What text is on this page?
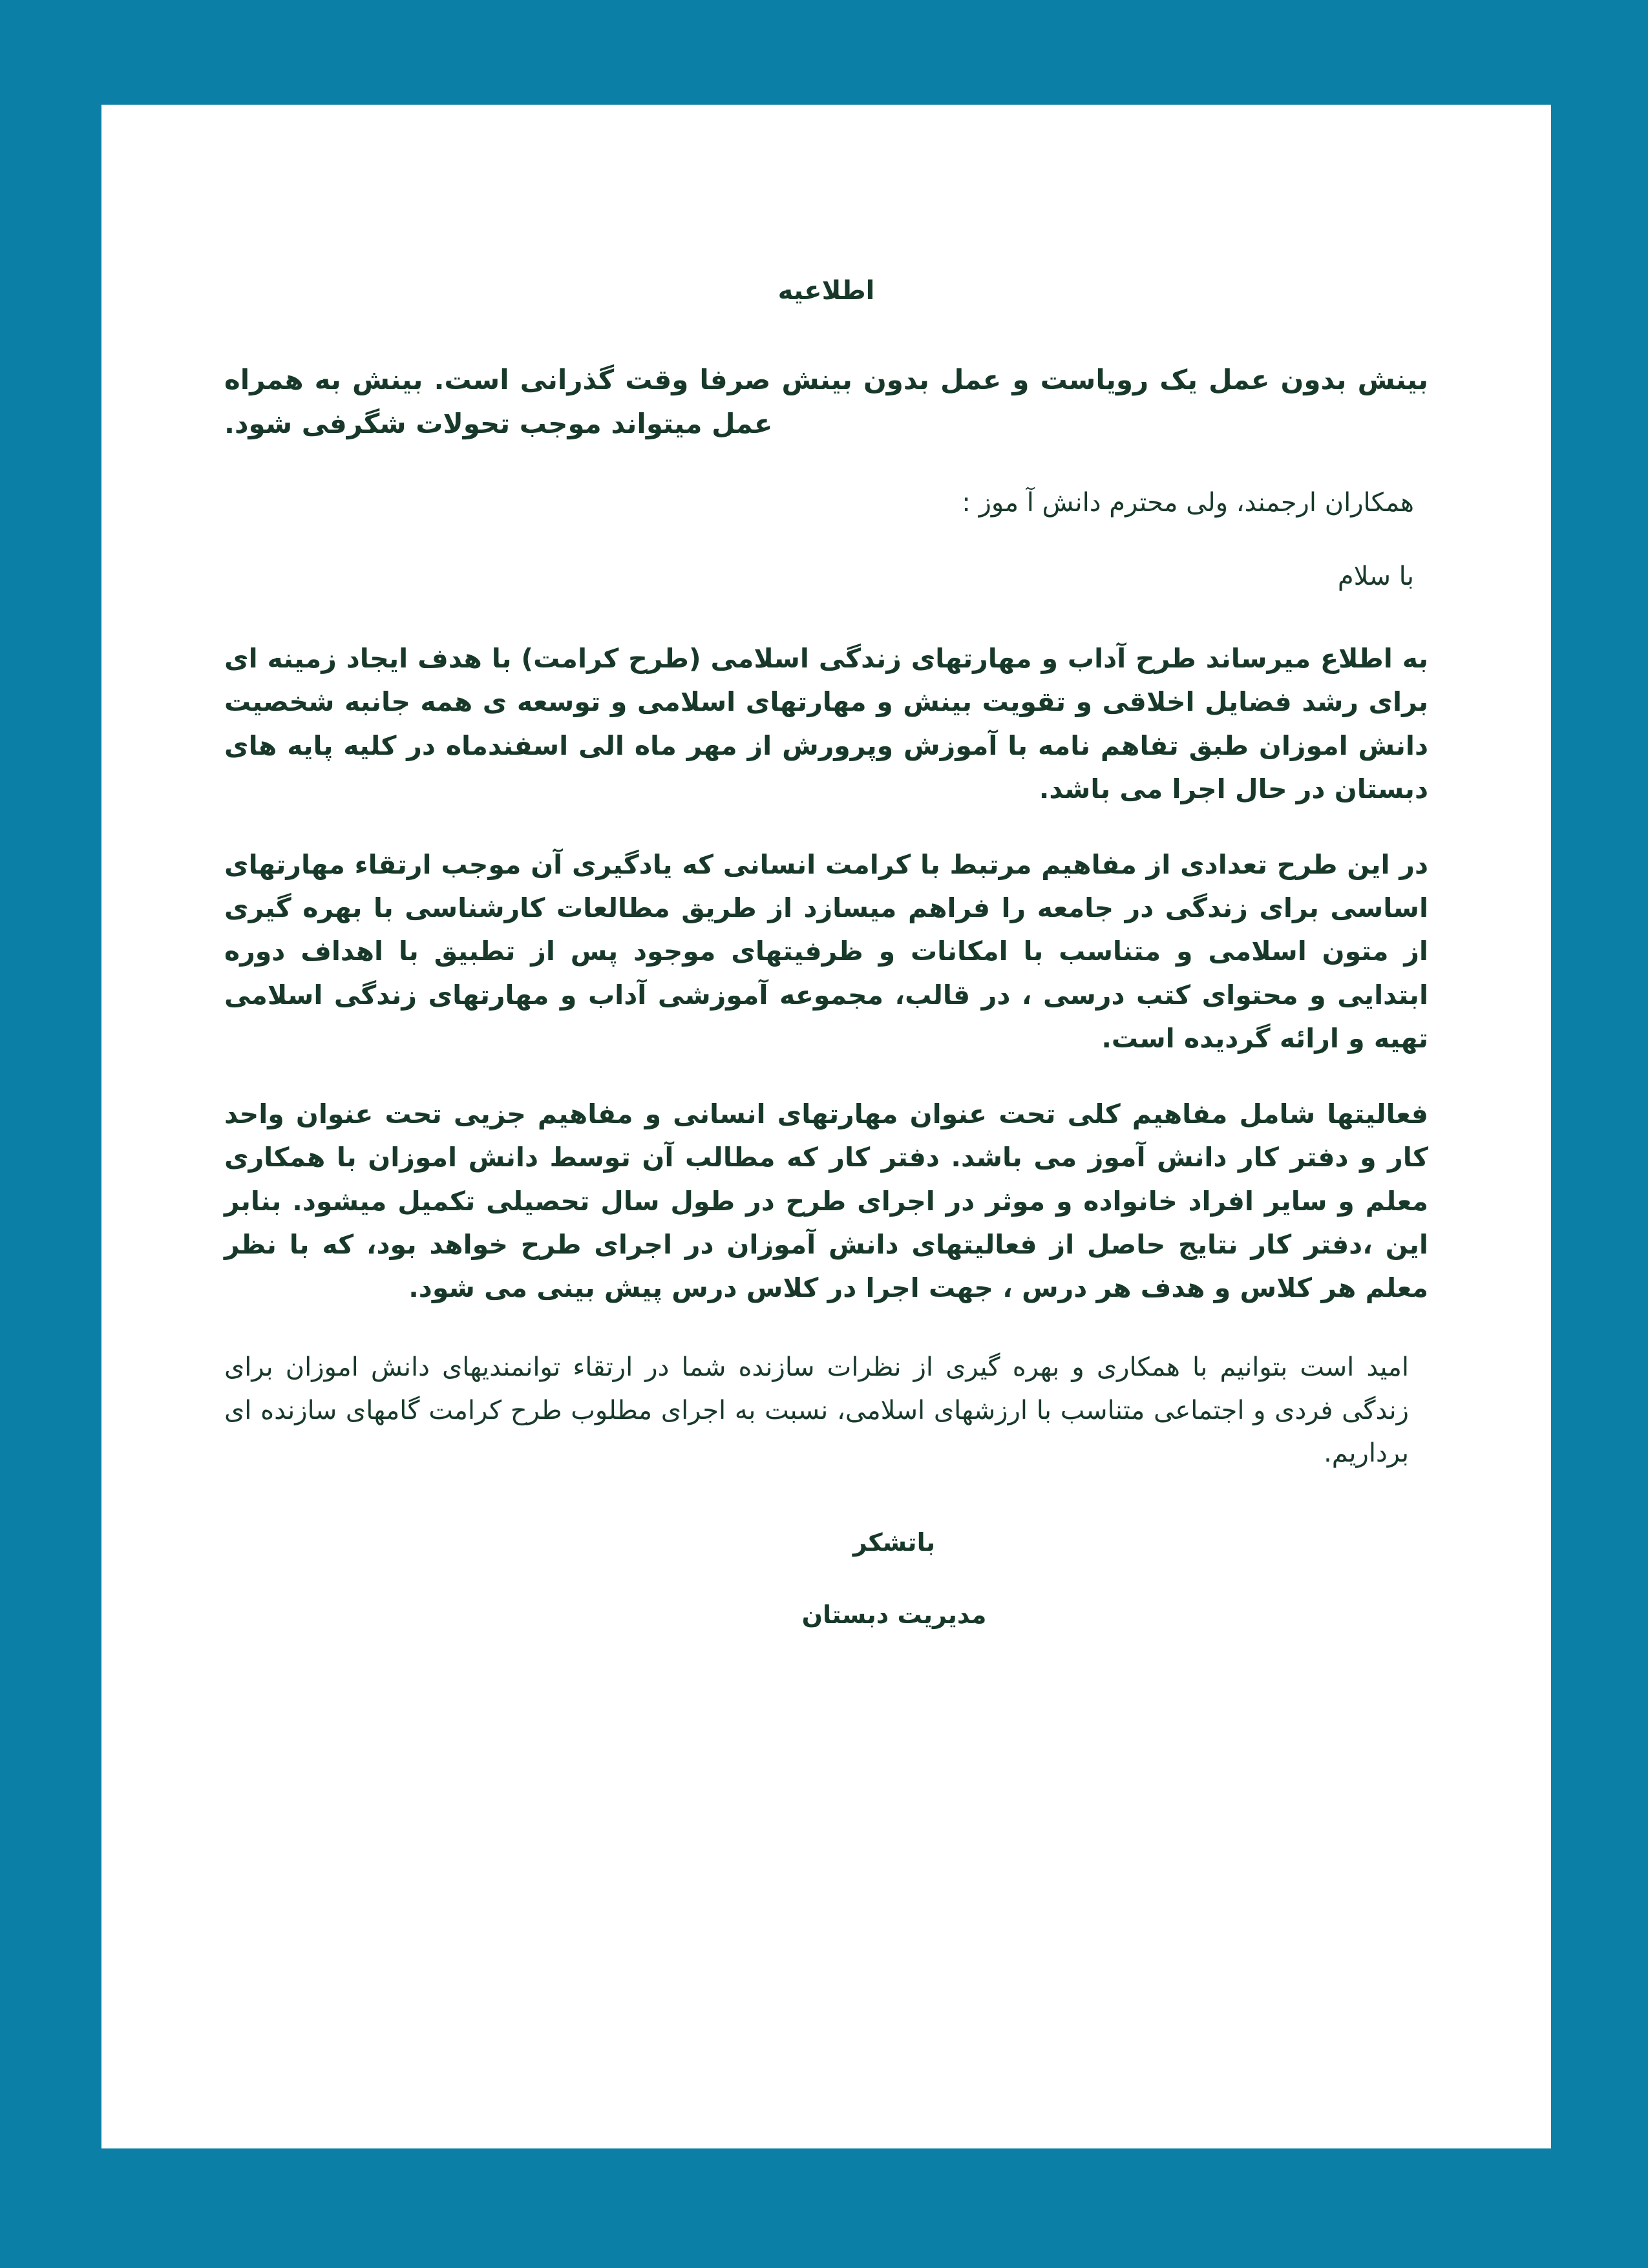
اطلاعیه

بینش بدون عمل یک رویاست و عمل بدون بینش صرفا وقت گذرانی است. بینش به همراه عمل میتواند موجب تحولات شگرفی شود.

همکاران ارجمند، ولی محترم دانش آ موز :

با سلام

به اطلاع میرساند طرح آداب و مهارتهای زندگی اسلامی (طرح کرامت) با هدف ایجاد زمینه ای برای رشد فضایل اخلاقی و تقویت بینش و مهارتهای اسلامی و توسعه ی همه جانبه شخصیت دانش اموزان طبق تفاهم نامه با آموزش وپرورش از مهر ماه الی اسفندماه در کلیه پایه های دبستان در حال اجرا می باشد.

در این طرح تعدادی از مفاهیم مرتبط با کرامت انسانی که یادگیری آن موجب ارتقاء مهارتهای اساسی برای زندگی در جامعه را فراهم میسازد از طریق مطالعات کارشناسی با بهره گیری از متون اسلامی و متناسب با امکانات و ظرفیتهای موجود پس از تطبیق با اهداف دوره ابتدایی و محتوای کتب درسی ، در قالب، مجموعه آموزشی آداب و مهارتهای زندگی اسلامی تهیه و ارائه گردیده است.

فعالیتها شامل مفاهیم کلی تحت عنوان مهارتهای انسانی و مفاهیم جزیی تحت عنوان واحد کار و دفتر کار دانش آموز می باشد. دفتر کار که مطالب آن توسط دانش اموزان با همکاری معلم و سایر افراد خانواده و موثر در اجرای طرح در طول سال تحصیلی تکمیل میشود. بنابر این ،دفتر کار نتایج حاصل از فعالیتهای دانش آموزان در اجرای طرح خواهد بود، که با نظر معلم هر کلاس و هدف هر درس ، جهت اجرا در کلاس درس پیش بینی می شود.

امید است بتوانیم با همکاری و بهره گیری از نظرات سازنده شما در ارتقاء توانمندیهای دانش اموزان برای زندگی فردی و اجتماعی متناسب با ارزشهای اسلامی، نسبت به اجرای مطلوب طرح کرامت گامهای سازنده ای برداریم.

باتشکر

مدیریت دبستان
